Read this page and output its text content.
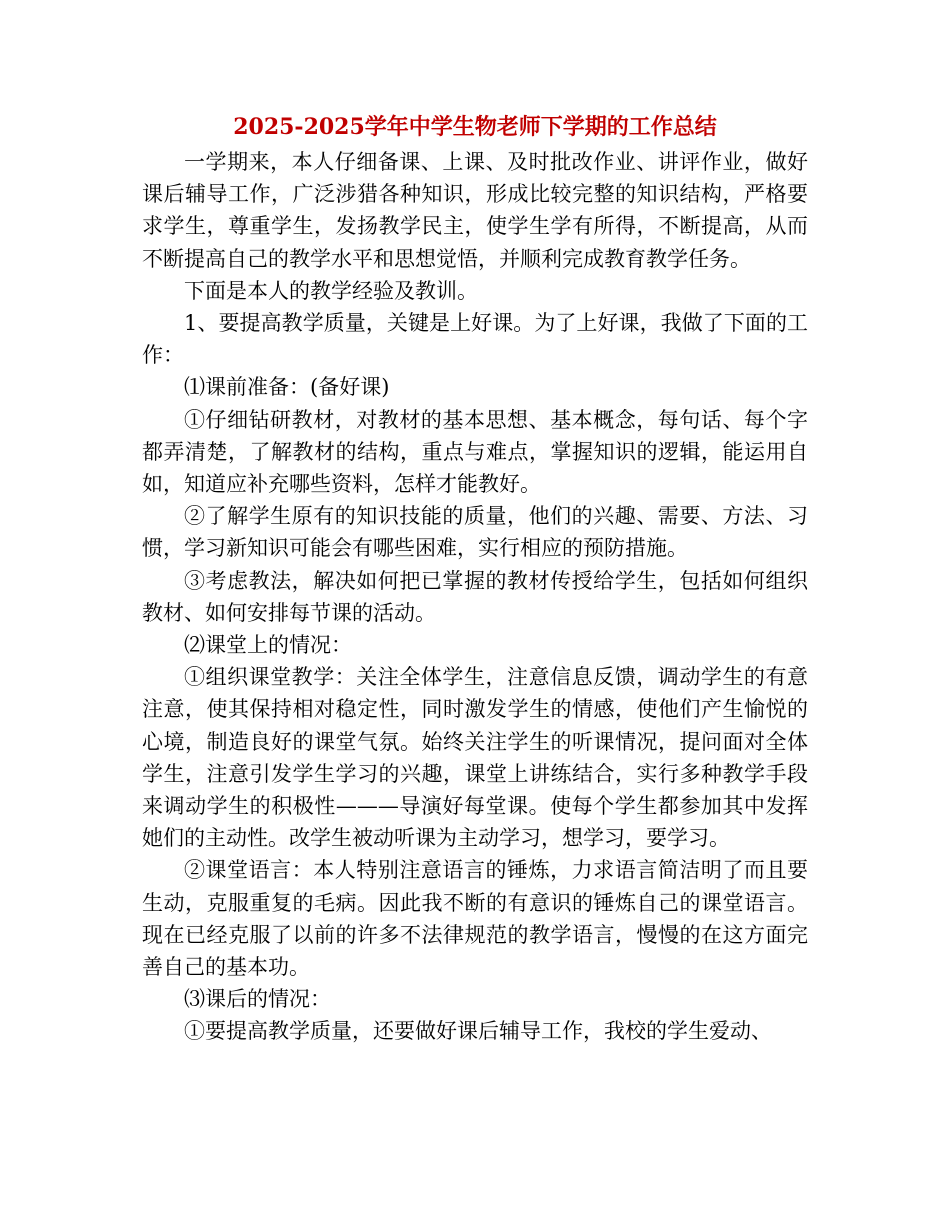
2025-2025学年中学生物老师下学期的工作总结

一学期来，本人仔细备课、上课、及时批改作业、讲评作业，做好课后辅导工作，广泛涉猎各种知识，形成比较完整的知识结构，严格要求学生，尊重学生，发扬教学民主，使学生学有所得，不断提高，从而不断提高自己的教学水平和思想觉悟，并顺利完成教育教学任务。

下面是本人的教学经验及教训。

1、要提高教学质量，关键是上好课。为了上好课，我做了下面的工作：

⑴课前准备：(备好课)

①仔细钻研教材，对教材的基本思想、基本概念，每句话、每个字都弄清楚，了解教材的结构，重点与难点，掌握知识的逻辑，能运用自如，知道应补充哪些资料，怎样才能教好。

②了解学生原有的知识技能的质量，他们的兴趣、需要、方法、习惯，学习新知识可能会有哪些困难，实行相应的预防措施。

③考虑教法，解决如何把已掌握的教材传授给学生，包括如何组织教材、如何安排每节课的活动。

⑵课堂上的情况：

①组织课堂教学：关注全体学生，注意信息反馈，调动学生的有意注意，使其保持相对稳定性，同时激发学生的情感，使他们产生愉悦的心境，制造良好的课堂气氛。始终关注学生的听课情况，提问面对全体学生，注意引发学生学习的兴趣，课堂上讲练结合，实行多种教学手段来调动学生的积极性———导演好每堂课。使每个学生都参加其中发挥她们的主动性。改学生被动听课为主动学习，想学习，要学习。

②课堂语言：本人特别注意语言的锤炼，力求语言简洁明了而且要生动，克服重复的毛病。因此我不断的有意识的锤炼自己的课堂语言。现在已经克服了以前的许多不法律规范的教学语言，慢慢的在这方面完善自己的基本功。

⑶课后的情况：

①要提高教学质量，还要做好课后辅导工作，我校的学生爱动、
